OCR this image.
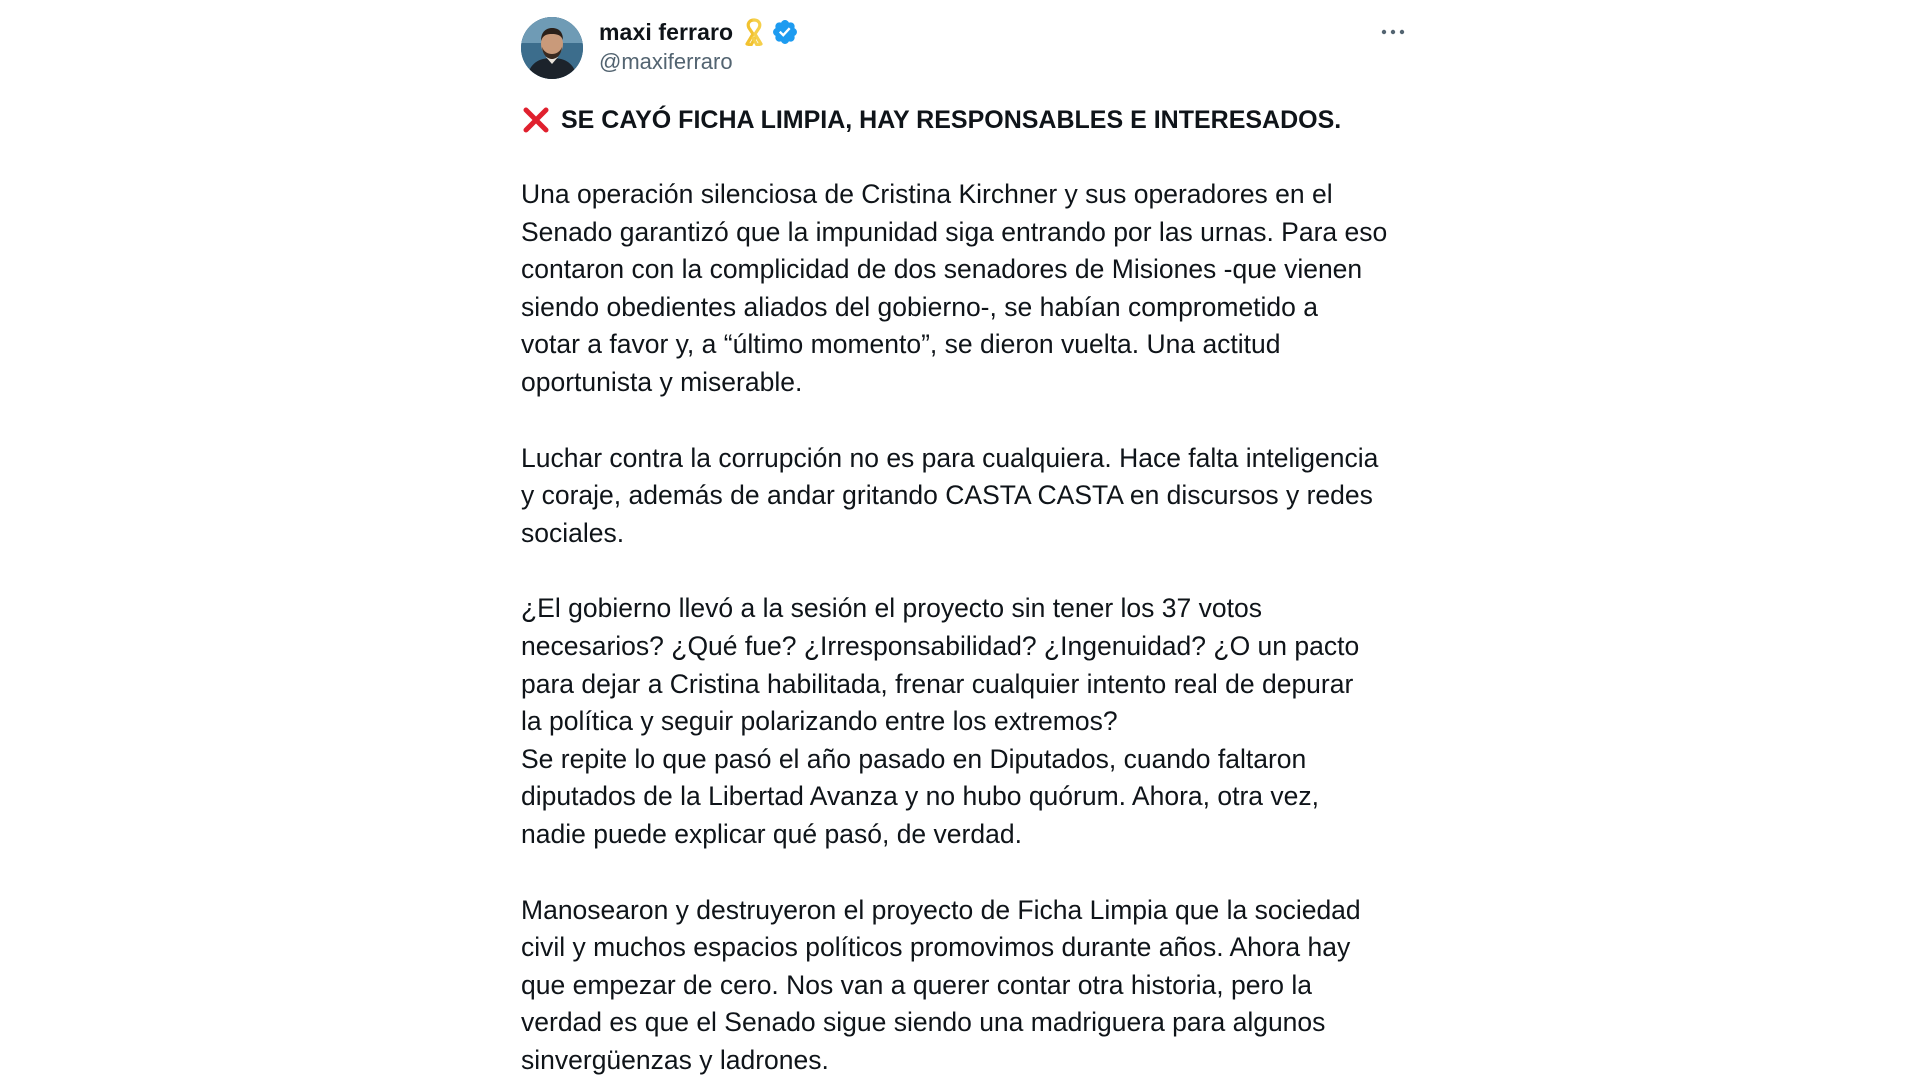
maxi ferraro
@maxiferraro
SE CAYÓ FICHA LIMPIA, HAY RESPONSABLES E INTERESADOS.
Una operación silenciosa de Cristina Kirchner y sus operadores en el
Senado garantizó que la impunidad siga entrando por las urnas. Para eso
contaron con la complicidad de dos senadores de Misiones -que vienen
siendo obedientes aliados del gobierno-, se habían comprometido a
votar a favor y, a “último momento”, se dieron vuelta. Una actitud
oportunista y miserable.
Luchar contra la corrupción no es para cualquiera. Hace falta inteligencia
y coraje, además de andar gritando CASTA CASTA en discursos y redes
sociales.
¿El gobierno llevó a la sesión el proyecto sin tener los 37 votos
necesarios? ¿Qué fue? ¿Irresponsabilidad? ¿Ingenuidad? ¿O un pacto
para dejar a Cristina habilitada, frenar cualquier intento real de depurar
la política y seguir polarizando entre los extremos?
Se repite lo que pasó el año pasado en Diputados, cuando faltaron
diputados de la Libertad Avanza y no hubo quórum. Ahora, otra vez,
nadie puede explicar qué pasó, de verdad.
Manosearon y destruyeron el proyecto de Ficha Limpia que la sociedad
civil y muchos espacios políticos promovimos durante años. Ahora hay
que empezar de cero. Nos van a querer contar otra historia, pero la
verdad es que el Senado sigue siendo una madriguera para algunos
sinvergüenzas y ladrones.
